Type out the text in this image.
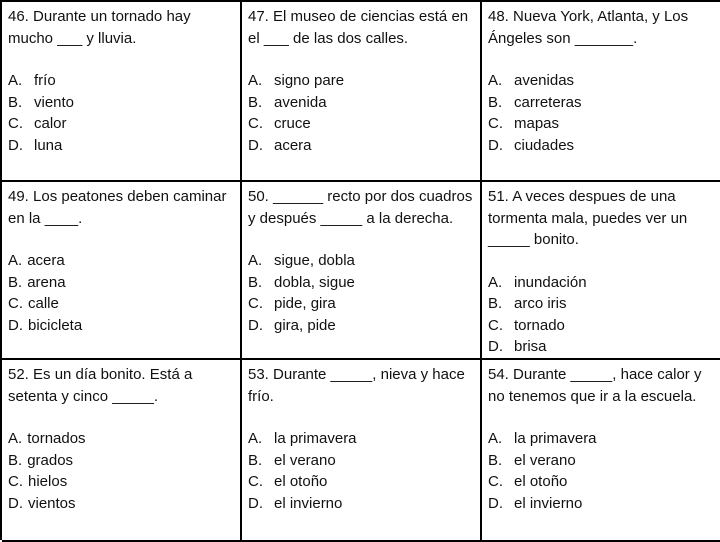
46. Durante un tornado hay mucho ___ y lluvia.

A. frío
B. viento
C. calor
D. luna

47. El museo de ciencias está en el ___ de las dos calles.

A. signo pare
B. avenida
C. cruce
D. acera

48. Nueva York, Atlanta, y Los Ángeles son _______.

A. avenidas
B. carreteras
C. mapas
D. ciudades

49. Los peatones deben caminar en la ____.

A. acera
B. arena
C. calle
D. bicicleta

50. ______ recto por dos cuadros y después _____ a la derecha.

A. sigue, dobla
B. dobla, sigue
C. pide, gira
D. gira, pide

51. A veces despues de una tormenta mala, puedes ver un _____ bonito.

A. inundación
B. arco iris
C. tornado
D. brisa

52. Es un día bonito. Está a setenta y cinco _____.

A. tornados
B. grados
C. hielos
D. vientos

53. Durante _____, nieva y hace frío.

A. la primavera
B. el verano
C. el otoño
D. el invierno

54. Durante _____, hace calor y no tenemos que ir a la escuela.

A. la primavera
B. el verano
C. el otoño
D. el invierno
